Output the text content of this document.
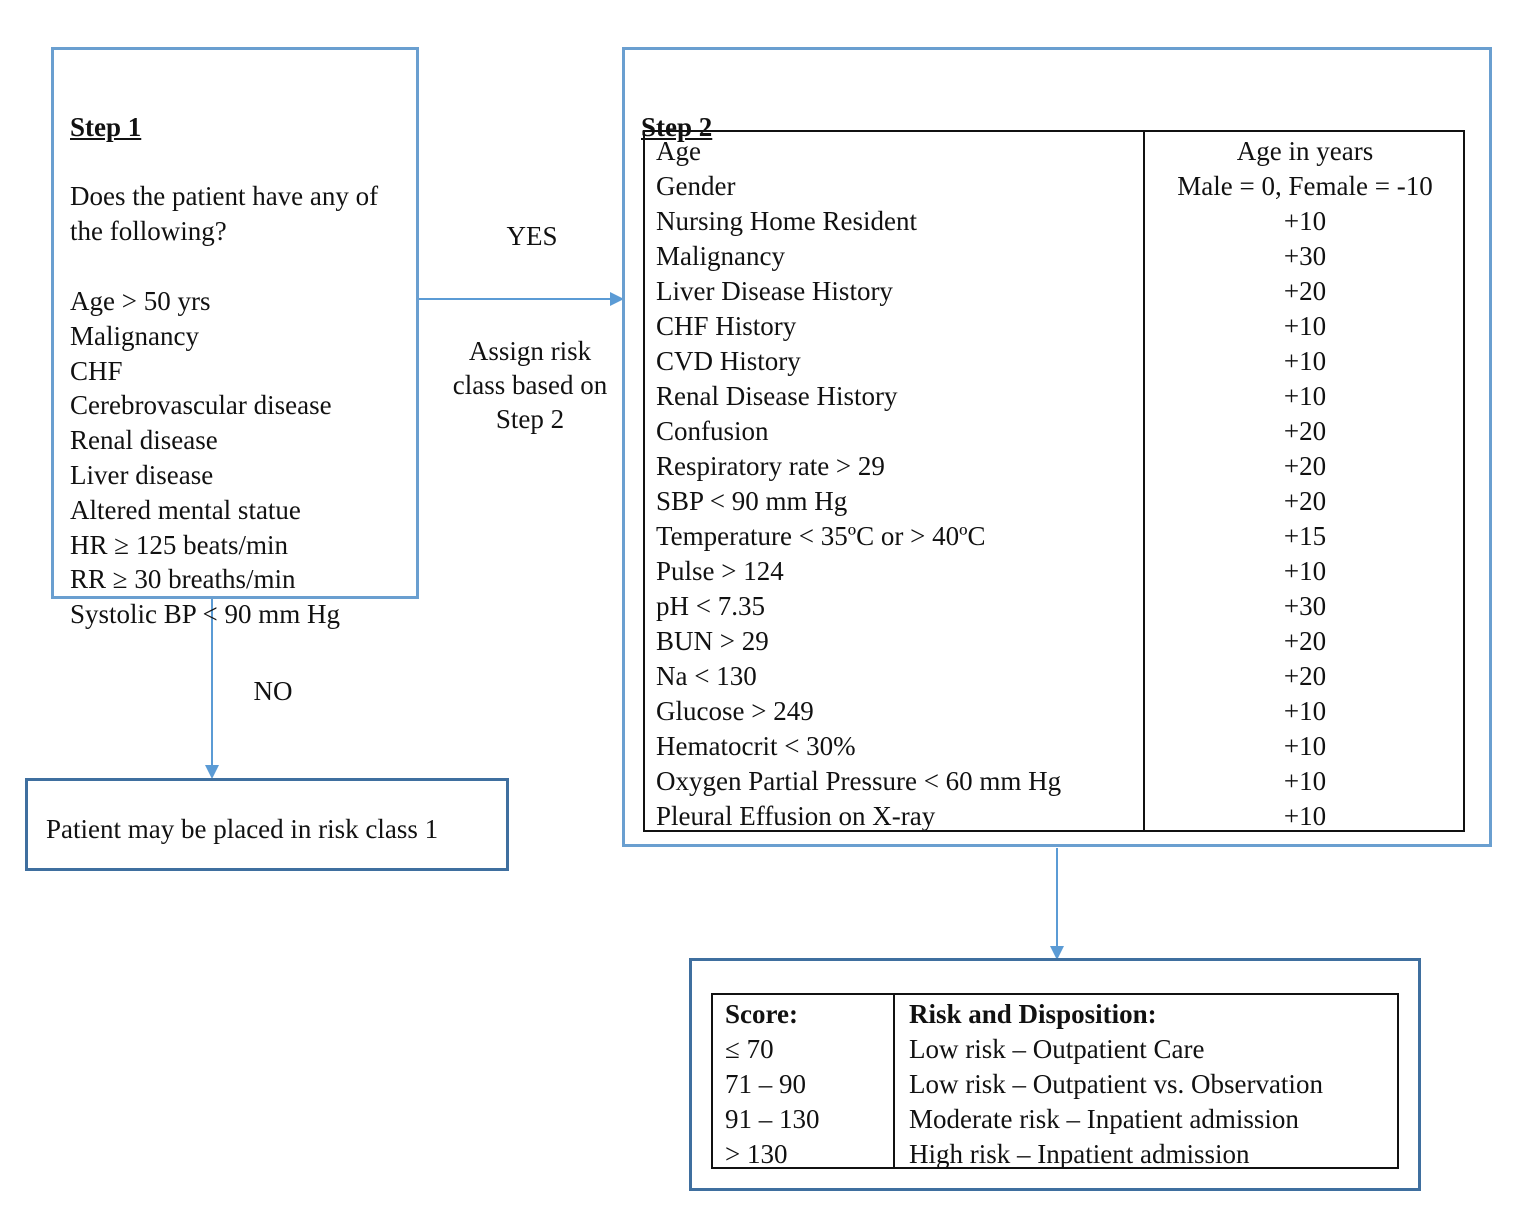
Step 1
Does the patient have any of the following?
Age > 50 yrs
Malignancy
CHF
Cerebrovascular disease
Renal disease
Liver disease
Altered mental statue
HR ≥ 125 beats/min
RR ≥ 30 breaths/min
Systolic BP < 90 mm Hg
YES
Assign risk class based on Step 2
NO
Patient may be placed in risk class 1
Step 2
Age	Age in years
Gender	Male = 0, Female = -10
Nursing Home Resident	+10
Malignancy	+30
Liver Disease History	+20
CHF History	+10
CVD History	+10
Renal Disease History	+10
Confusion	+20
Respiratory rate > 29	+20
SBP < 90 mm Hg	+20
Temperature < 35ºC or > 40ºC	+15
Pulse > 124	+10
pH < 7.35	+30
BUN > 29	+20
Na < 130	+20
Glucose > 249	+10
Hematocrit < 30%	+10
Oxygen Partial Pressure < 60 mm Hg	+10
Pleural Effusion on X-ray	+10
Score:	Risk and Disposition:
≤ 70	Low risk – Outpatient Care
71 – 90	Low risk – Outpatient vs. Observation
91 – 130	Moderate risk – Inpatient admission
> 130	High risk – Inpatient admission
